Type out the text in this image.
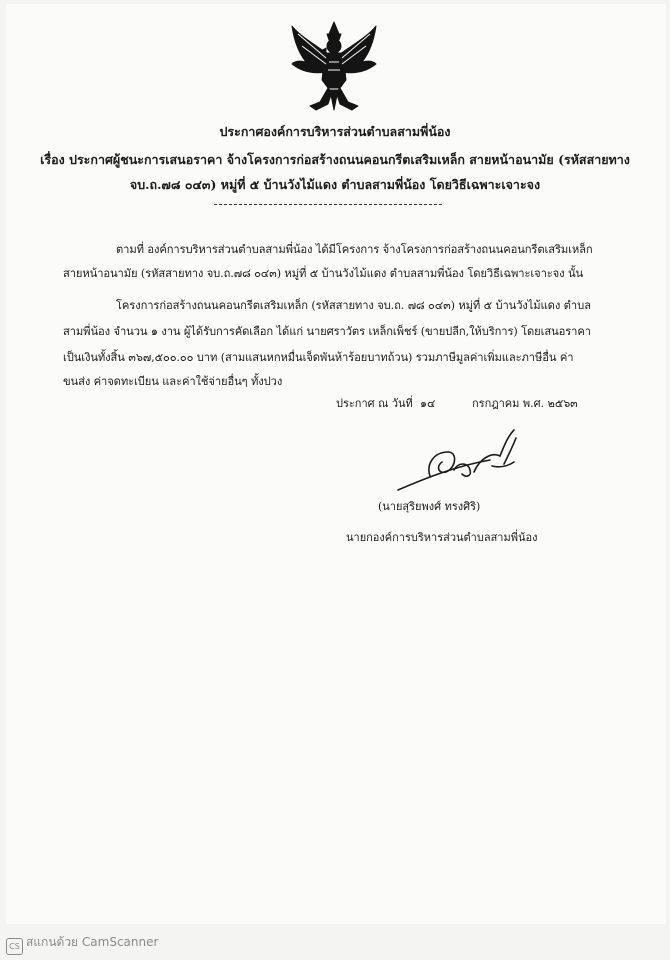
ประกาศองค์การบริหารส่วนตำบลสามพี่น้อง
เรื่อง ประกาศผู้ชนะการเสนอราคา จ้างโครงการก่อสร้างถนนคอนกรีตเสริมเหล็ก สายหน้าอนามัย (รหัสสายทาง
จบ.ถ.๗๘ ๐๔๓) หมู่ที่ ๕ บ้านวังไม้แดง ตำบลสามพี่น้อง โดยวิธีเฉพาะเจาะจง
ตามที่ องค์การบริหารส่วนตำบลสามพี่น้อง ได้มีโครงการ จ้างโครงการก่อสร้างถนนคอนกรีตเสริมเหล็ก
สายหน้าอนามัย (รหัสสายทาง จบ.ถ.๗๘ ๐๔๓) หมู่ที่ ๕ บ้านวังไม้แดง ตำบลสามพี่น้อง โดยวิธีเฉพาะเจาะจง นั้น
โครงการก่อสร้างถนนคอนกรีตเสริมเหล็ก (รหัสสายทาง จบ.ถ. ๗๘ ๐๔๓) หมู่ที่ ๕ บ้านวังไม้แดง ตำบล
สามพี่น้อง จำนวน ๑ งาน ผู้ได้รับการคัดเลือก ได้แก่ นายศราวัตร เหล็กเพ็ชร์ (ขายปลีก,ให้บริการ) โดยเสนอราคา
เป็นเงินทั้งสิ้น ๓๖๗,๕๐๐.๐๐ บาท (สามแสนหกหมื่นเจ็ดพันห้าร้อยบาทถ้วน) รวมภาษีมูลค่าเพิ่มและภาษีอื่น ค่า
ขนส่ง ค่าจดทะเบียน และค่าใช้จ่ายอื่นๆ ทั้งปวง
ประกาศ ณ วันที่ ๑๔	กรกฎาคม พ.ศ. ๒๕๖๓
(นายสุริยพงศ์ ทรงศิริ)
นายกองค์การบริหารส่วนตำบลสามพี่น้อง
CS สแกนด้วย CamScanner
